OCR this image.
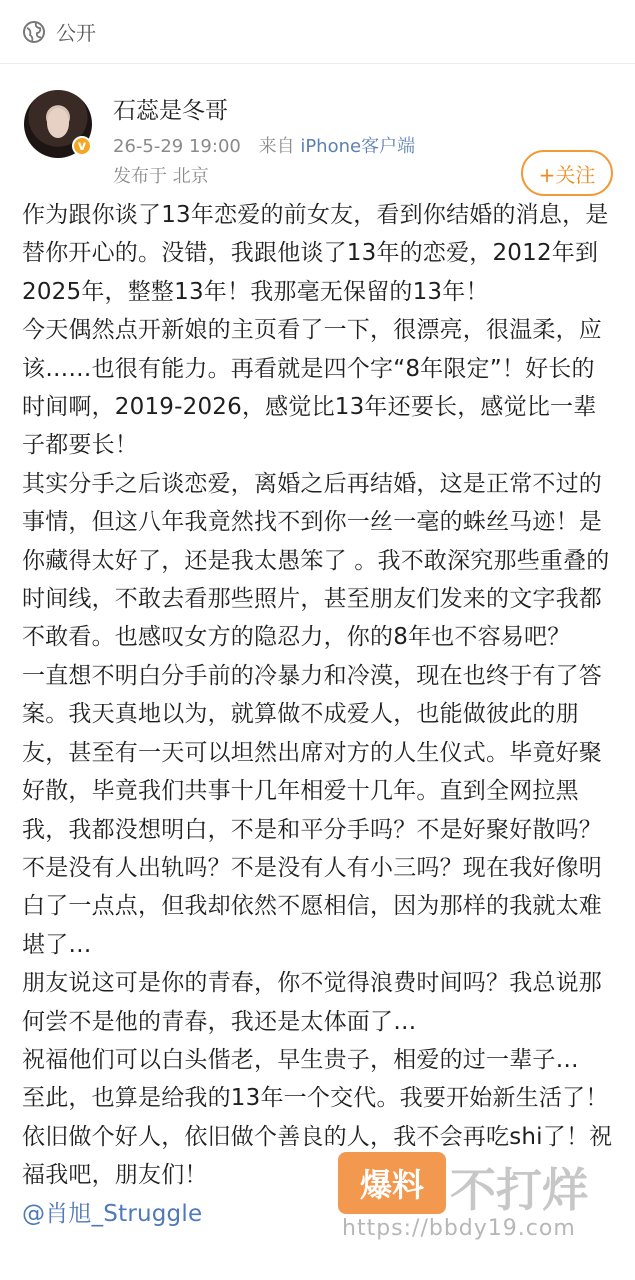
公开
石蕊是冬哥
26-5-29 19:00 来自 iPhone客户端
发布于 北京	+关注
v

作为跟你谈了13年恋爱的前女友，看到你结婚的消息，是替你开心的。没错，我跟他谈了13年的恋爱，2012年到2025年，整整13年！我那毫无保留的13年！

今天偶然点开新娘的主页看了一下，很漂亮，很温柔，应该……也很有能力。再看就是四个字“8年限定”！好长的时间啊，2019-2026，感觉比13年还要长，感觉比一辈子都要长！

其实分手之后谈恋爱，离婚之后再结婚，这是正常不过的事情，但这八年我竟然找不到你一丝一毫的蛛丝马迹！是你藏得太好了，还是我太愚笨了 。我不敢深究那些重叠的时间线，不敢去看那些照片，甚至朋友们发来的文字我都不敢看。也感叹女方的隐忍力，你的8年也不容易吧？

一直想不明白分手前的冷暴力和冷漠，现在也终于有了答案。我天真地以为，就算做不成爱人，也能做彼此的朋友，甚至有一天可以坦然出席对方的人生仪式。毕竟好聚好散，毕竟我们共事十几年相爱十几年。直到全网拉黑我，我都没想明白，不是和平分手吗？不是好聚好散吗？不是没有人出轨吗？不是没有人有小三吗？现在我好像明白了一点点，但我却依然不愿相信，因为那样的我就太难堪了…

朋友说这可是你的青春，你不觉得浪费时间吗？我总说那何尝不是他的青春，我还是太体面了…

祝福他们可以白头偕老，早生贵子，相爱的过一辈子…

至此，也算是给我的13年一个交代。我要开始新生活了！依旧做个好人，依旧做个善良的人，我不会再吃shi了！祝福我吧，朋友们！

@肖旭_Struggle

爆料 不打烊
https://bbdy19.com
